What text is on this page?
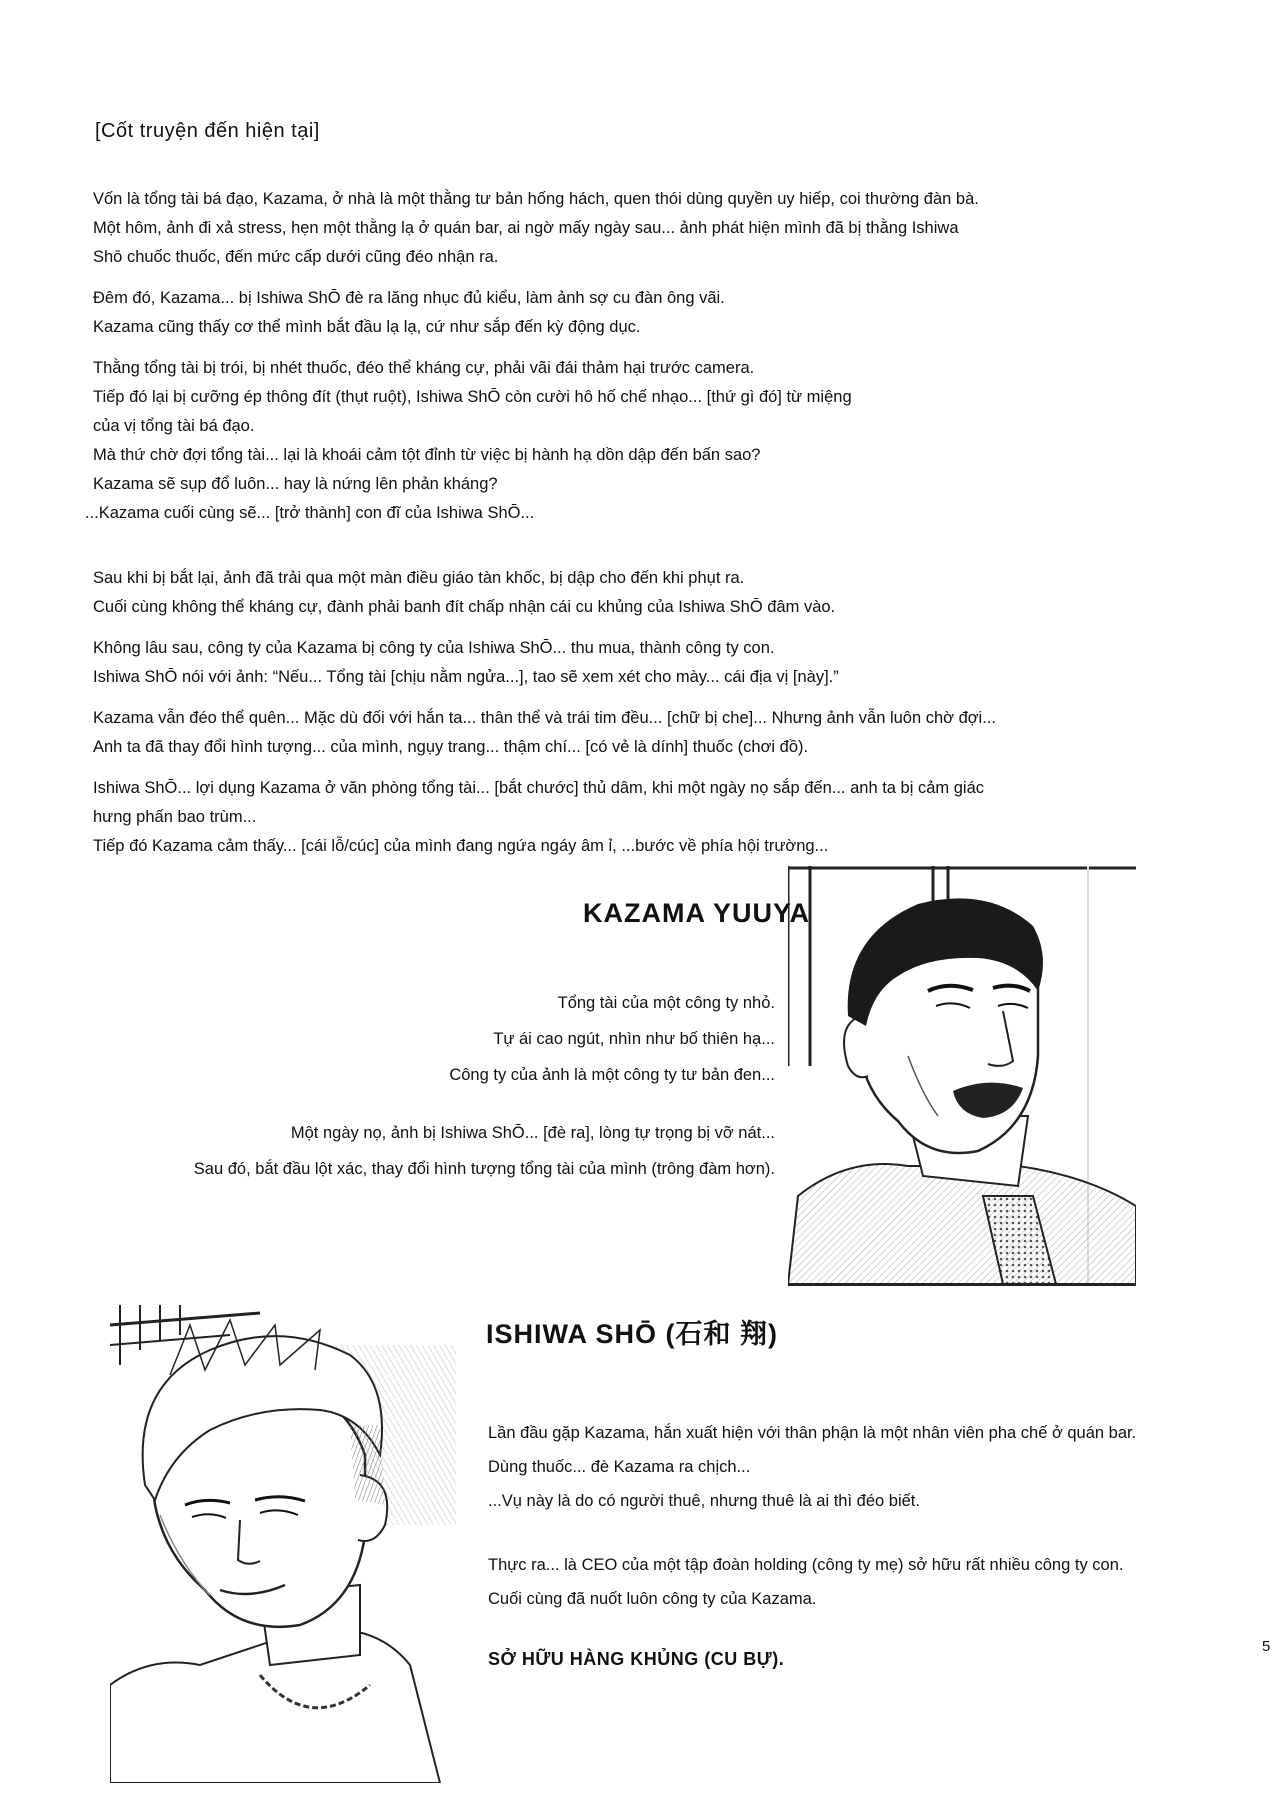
[Cốt truyện đến hiện tại]

Vốn là tổng tài bá đạo, Kazama, ở nhà là một thằng tư bản hống hách, quen thói dùng quyền uy hiếp, coi thường đàn bà.

Một hôm, ảnh đi xả stress, hẹn một thằng lạ ở quán bar, ai ngờ mấy ngày sau... ảnh phát hiện mình đã bị thằng Ishiwa

Shō chuốc thuốc, đến mức cấp dưới cũng đéo nhận ra.

Đêm đó, Kazama... bị Ishiwa ShŌ đè ra lăng nhục đủ kiểu, làm ảnh sợ cu đàn ông vãi.

Kazama cũng thấy cơ thể mình bắt đầu lạ lạ, cứ như sắp đến kỳ động dục.

Thằng tổng tài bị trói, bị nhét thuốc, đéo thể kháng cự, phải vãi đái thảm hại trước camera.

Tiếp đó lại bị cưỡng ép thông đít (thụt ruột), Ishiwa ShŌ còn cười hô hố chế nhạo... [thứ gì đó] từ miệng

của vị tổng tài bá đạo.

Mà thứ chờ đợi tổng tài... lại là khoái cảm tột đỉnh từ việc bị hành hạ dồn dập đến bấn sao?

Kazama sẽ sụp đổ luôn... hay là nứng lên phản kháng?

...Kazama cuối cùng sẽ... [trở thành] con đĩ của Ishiwa ShŌ...

Sau khi bị bắt lại, ảnh đã trải qua một màn điều giáo tàn khốc, bị dập cho đến khi phụt ra.

Cuối cùng không thể kháng cự, đành phải banh đít chấp nhận cái cu khủng của Ishiwa ShŌ đâm vào.

Không lâu sau, công ty của Kazama bị công ty của Ishiwa ShŌ... thu mua, thành công ty con.

Ishiwa ShŌ nói với ảnh: “Nếu... Tổng tài [chịu nằm ngửa...], tao sẽ xem xét cho mày... cái địa vị [này].”

Kazama vẫn đéo thể quên... Mặc dù đối với hắn ta... thân thể và trái tim đều... [chữ bị che]... Nhưng ảnh vẫn luôn chờ đợi...

Anh ta đã thay đổi hình tượng... của mình, ngụy trang... thậm chí... [có vẻ là dính] thuốc (chơi đồ).

Ishiwa ShŌ... lợi dụng Kazama ở văn phòng tổng tài... [bắt chước] thủ dâm, khi một ngày nọ sắp đến... anh ta bị cảm giác

hưng phấn bao trùm...

Tiếp đó Kazama cảm thấy... [cái lỗ/cúc] của mình đang ngứa ngáy âm ỉ, ...bước về phía hội trường...

KAZAMA YUUYA

Tổng tài của một công ty nhỏ.

Tự ái cao ngút, nhìn như bố thiên hạ...

Công ty của ảnh là một công ty tư bản đen...

Một ngày nọ, ảnh bị Ishiwa ShŌ... [đè ra], lòng tự trọng bị vỡ nát...

Sau đó, bắt đầu lột xác, thay đổi hình tượng tổng tài của mình (trông đàm hơn).

ISHIWA SHŌ (石和 翔)

Lần đầu gặp Kazama, hắn xuất hiện với thân phận là một nhân viên pha chế ở quán bar.

Dùng thuốc... đè Kazama ra chịch...

...Vụ này là do có người thuê, nhưng thuê là ai thì đéo biết.

Thực ra... là CEO của một tập đoàn holding (công ty mẹ) sở hữu rất nhiều công ty con.

Cuối cùng đã nuốt luôn công ty của Kazama.

SỞ HỮU HÀNG KHỦNG (CU BỰ).

5
